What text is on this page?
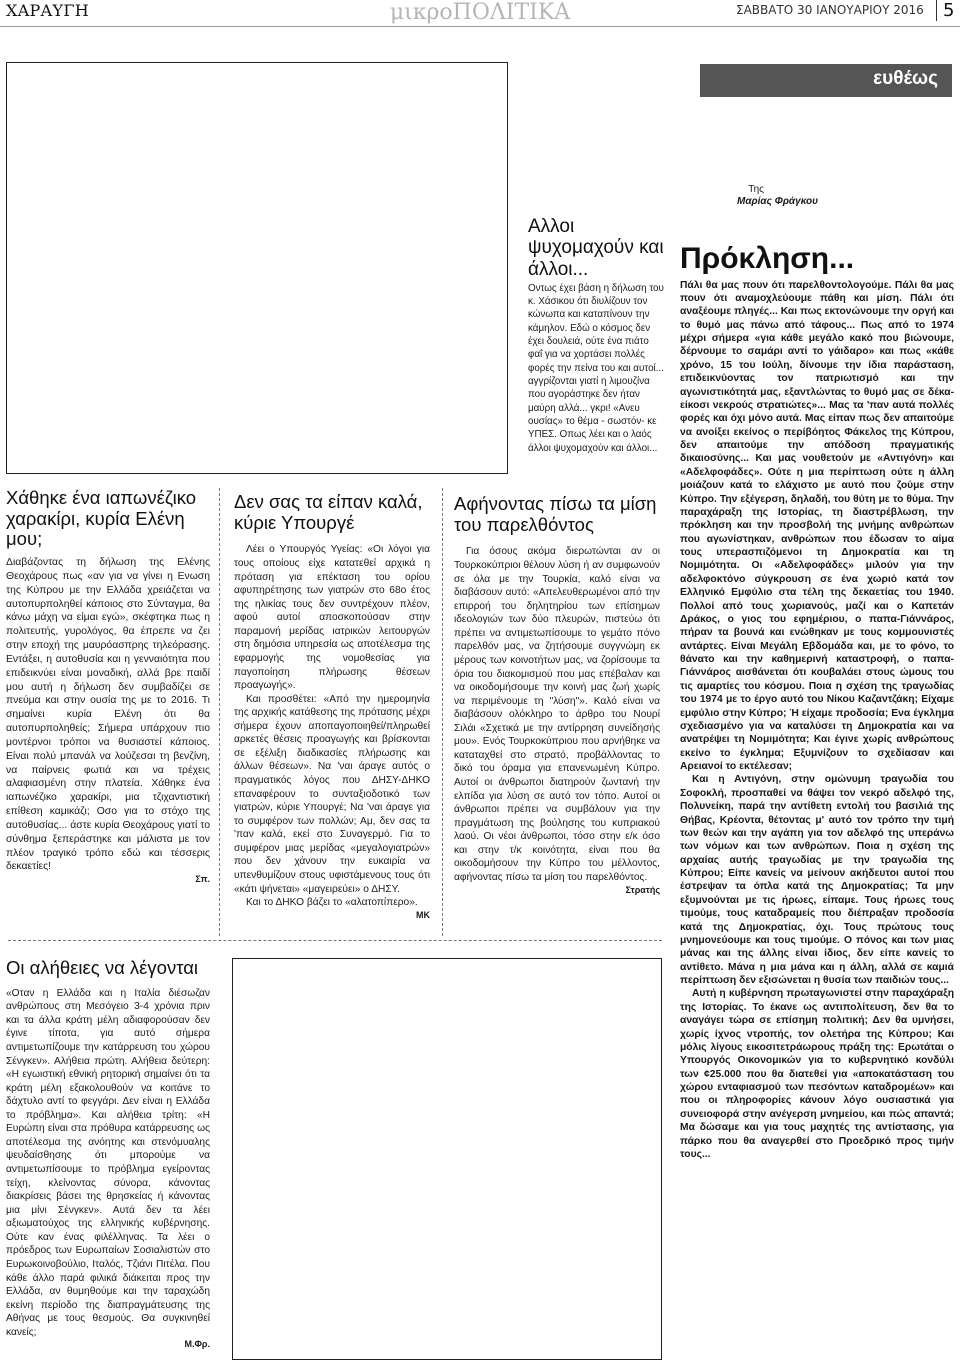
ΧΑΡΑΥΓΗ	μικροΠΟΛΙΤΙΚΑ	ΣΑΒΒΑΤΟ 30 ΙΑΝΟΥΑΡΙΟΥ 2016	5
ευθέως
Της
Μαρίας Φράγκου
Αλλοι ψυχομαχούν και άλλοι...
Οντως έχει βάση η δήλωση του κ. Χάσικου ότι διυλίζουν τον κώνωπα και καταπίνουν την κάμηλον. Εδώ ο κόσμος δεν έχει δουλειά, ούτε ένα πιάτο φαΐ για να χορτάσει πολλές φορές την πείνα του και αυτοί... αγγρίζονται γιατί η λιμουζίνα που αγοράστηκε δεν ήταν μαύρη αλλά... γκρι! «Ανευ ουσίας» το θέμα - σωστόν- κε ΥΠΕΣ. Οπως λέει και ο λαός άλλοι ψυχομαχούν και άλλοι...
Πρόκληση...

Πάλι θα μας πουν ότι παρελθοντολογούμε. Πάλι θα μας πουν ότι αναμοχλεύουμε πάθη και μίση. Πάλι ότι αναξέουμε πληγές... Και πως εκτονώνουμε την οργή και το θυμό μας πάνω από τάφους... Πως από το 1974 μέχρι σήμερα «για κάθε μεγάλο κακό που βιώνουμε, δέρνουμε το σαμάρι αντί το γάιδαρο» και πως «κάθε χρόνο, 15 του Ιούλη, δίνουμε την ίδια παράσταση, επιδεικνύοντας τον πατριωτισμό και την αγωνιστικότητά μας, εξαντλώντας το θυμό μας σε δέκα-είκοσι νεκρούς στρατιώτες»... Μας τα 'παν αυτά πολλές φορές και όχι μόνο αυτά. Μας είπαν πως δεν απαιτούμε να ανοίξει εκείνος ο περίβόητος Φάκελος της Κύπρου, δεν απαιτούμε την απόδοση πραγματικής δικαιοσύνης... Και μας νουθετούν με «Αντιγόνη» και «Αδελφοφάδες». Ούτε η μια περίπτωση ούτε η άλλη μοιάζουν κατά το ελάχιστο με αυτό που ζούμε στην Κύπρο. Την εξέγερση, δηλαδή, του θύτη με το θύμα. Την παραχάραξη της Ιστορίας, τη διαστρέβλωση, την πρόκληση και την προσβολή της μνήμης ανθρώπων που αγωνίστηκαν, ανθρώπων που έδωσαν το αίμα τους υπερασπιζόμενοι τη Δημοκρατία και τη Νομιμότητα. Οι «Αδελφοφάδες» μιλούν για την αδελφοκτόνο σύγκρουση σε ένα χωριό κατά τον Ελληνικό Εμφύλιο στα τέλη της δεκαετίας του 1940. Πολλοί από τους χωριανούς, μαζί και ο Καπετάν Δράκος, ο γιος του εφημέριου, ο παπα-Γιάννάρος, πήραν τα βουνά και ενώθηκαν με τους κομμουνιστές αντάρτες. Είναι Μεγάλη Εβδομάδα και, με το φόνο, το θάνατο και την καθημερινή καταστροφή, ο παπα-Γιάννάρος αισθάνεται ότι κουβαλάει στους ώμους του τις αμαρτίες του κόσμου. Ποια η σχέση της τραγωδίας του 1974 με το έργο αυτό του Νίκου Καζαντζάκη; Είχαμε εμφύλιο στην Κύπρο; Ή είχαμε προδοσία; Ενα έγκλημα σχεδιασμένο για να καταλύσει τη Δημοκρατία και να ανατρέψει τη Νομιμότητα; Και έγινε χωρίς ανθρώπους εκείνο το έγκλημα; Εξυμνίζουν το σχεδίασαν και Αρειανοί το εκτέλεσαν;

Και η Αντιγόνη, στην ομώνυμη τραγωδία του Σοφοκλή, προσπαθεί να θάψει τον νεκρό αδελφό της, Πολυνείκη, παρά την αντίθετη εντολή του βασιλιά της Θήβας, Κρέοντα, θέτοντας μ' αυτό τον τρόπο την τιμή των θεών και την αγάπη για τον αδελφό της υπεράνω των νόμων και των ανθρώπων. Ποια η σχέση της αρχαίας αυτής τραγωδίας με την τραγωδία της Κύπρου; Είπε κανείς να μείνουν ακήδευτοι αυτοί που έστρεψαν τα όπλα κατά της Δημοκρατίας; Τα μην εξυμνούνται με τις ήρωες, είπαμε. Τους ήρωες τους τιμούμε, τους καταδραμείς που διέπραξαν προδοσία κατά της Δημοκρατίας, όχι. Τους πρώτους τους μνημονεύουμε και τους τιμούμε. Ο πόνος και των μιας μάνας και της άλλης είναι ίδιος, δεν είπε κανείς το αντίθετο. Μάνα η μια μάνα και η άλλη, αλλά σε καμιά περίπτωση δεν εξισώνεται η θυσία των παιδιών τους...

Αυτή η κυβέρνηση πρωταγωνιστεί στην παραχάραξη της Ιστορίας. Το έκανε ως αντιπολίτευση, δεν θα το αναγάγει τώρα σε επίσημη πολιτική; Δεν θα υμνήσει, χωρίς ίχνος ντροπής, τον ολετήρα της Κύπρου; Και μόλις λίγους εικοσιτετράωρους πράξη της: Ερωτάται ο Υπουργός Οικονομικών για το κυβερνητικό κονδύλι των ¢25.000 που θα διατεθεί για «αποκατάσταση του χώρου ενταφιασμού των πεσόντων καταδρομέων» και που οι πληροφορίες κάνουν λόγο ουσιαστικά για συνειοφορά στην ανέγερση μνημείου, και πώς απαντά; Μα δώσαμε και για τους μαχητές της αντίστασης, για πάρκο που θα αναγερθεί στο Προεδρικό προς τιμήν τους...

Χάθηκε ένα ιαπωνέζικο χαρακίρι, κυρία Ελένη μου;

Διαβάζοντας τη δήλωση της Ελένης Θεοχάρους πως «αν για να γίνει η Ενωση της Κύπρου με την Ελλάδα χρειάζεται να αυτοπυρποληθεί κάποιος στο Σύνταγμα, θα κάνω μάχη να είμαι εγώ», σκέφτηκα πως η πολιτευτής, γυρολόγος, θα έπρεπε να ζει στην εποχή της μαυρόασπρης τηλεόρασης. Εντάξει, η αυτοθυσία και η γενναιότητα που επιδεικνύει είναι μοναδική, αλλά βρε παιδί μου αυτή η δήλωση δεν συμβαδίζει σε πνεύμα και στην ουσία της με το 2016. Τι σημαίνει κυρία Ελένη ότι θα αυτοπυρποληθείς; Σήμερα υπάρχουν πιο μοντέρνοι τρόποι να θυσιαστεί κάποιος. Είναι πολύ μπανάλ να λούζεσαι τη βενζίνη, να παίρνεις φωτιά και να τρέχεις αλαφιασμένη στην πλατεία. Χάθηκε ένα ιαπωνέζικο χαρακίρι, μια τζιχαντιστική επίθεση καμικάζι; Οσο για το στόχο της αυτοθυσίας... άστε κυρία Θεοχάρους γιατί το σύνθημα ξεπεράστηκε και μάλιστα με τον πλέον τραγικό τρόπο εδώ και τέσσερις δεκαετίες!

Σπ.
Δεν σας τα είπαν καλά, κύριε Υπουργέ

Λέει ο Υπουργός Υγείας: «Οι λόγοι για τους οποίους είχε κατατεθεί αρχικά η πρόταση για επέκταση του ορίου αφυπηρέτησης των γιατρών στο 68ο έτος της ηλικίας τους δεν συντρέχουν πλέον, αφού αυτοί αποσκοπούσαν στην παραμονή μερίδας ιατρικών λειτουργών στη δημόσια υπηρεσία ως αποτέλεσμα της εφαρμογής της νομοθεσίας για παγοποίηση πλήρωσης θέσεων προαγωγής».

Και προσθέτει: «Από την ημερομηνία της αρχικής κατάθεσης της πρότασης μέχρι σήμερα έχουν αποπαγοποιηθεί/πληρωθεί αρκετές θέσεις προαγωγής και βρίσκονται σε εξέλιξη διαδικασίες πλήρωσης και άλλων θέσεων». Να 'ναι άραγε αυτός ο πραγματικός λόγος που ΔΗΣΥ-ΔΗΚΟ επαναφέρουν το συνταξιοδοτικό των γιατρών, κύριε Υπουργέ; Να 'ναι άραγε για το συμφέρον των πολλών; Αμ, δεν σας τα 'παν καλά, εκεί στο Συναγερμό. Για το συμφέρον μιας μερίδας «μεγαλογιατρών» που δεν χάνουν την ευκαιρία να υπενθυμίζουν στους υφιστάμενους τους ότι «κάτι ψήνεται» «μαγειρεύει» ο ΔΗΣΥ.

Και το ΔΗΚΟ βάζει το «αλατοπίπερο».

ΜΚ
Αφήνοντας πίσω τα μίση του παρελθόντος

Για όσους ακόμα διερωτώνται αν οι Τουρκοκύπριοι θέλουν λύση ή αν συμφωνούν σε όλα με την Τουρκία, καλό είναι να διαβάσουν αυτό: «Απελευθερωμένοι από την επιρροή του δηλητηρίου των επίσημων ιδεολογιών των δύο πλευρών, πιστεύω ότι πρέπει να αντιμετωπίσουμε το γεμάτο πόνο παρελθόν μας, να ζητήσουμε συγγνώμη εκ μέρους των κοινοτήτων μας, να ζορίσουμε τα όρια του διακομισμού που μας επέβαλαν και να οικοδομήσουμε την κοινή μας ζωή χωρίς να περιμένουμε τη "λύση"». Καλό είναι να διαβάσουν ολόκληρο το άρθρο του Νουρί Σιλάι «Σχετικά με την αντίρρηση συνείδησής μου». Ενός Τουρκοκύπριου που αρνήθηκε να καταταχθεί στο στρατό, προβάλλοντας το δικό του όραμα για επανενωμένη Κύπρο. Αυτοί οι άνθρωποι διατηρούν ζωντανή την ελπίδα για λύση σε αυτό τον τόπο. Αυτοί οι άνθρωποι πρέπει να συμβάλουν για την πραγμάτωση της βούλησης του κυπριακού λαού. Οι νέοι άνθρωποι, τόσο στην ε/κ όσο και στην τ/κ κοινότητα, είναι που θα οικοδομήσουν την Κύπρο του μέλλοντος, αφήνοντας πίσω τα μίση του παρελθόντος.

Στρατής
Οι αλήθειες να λέγονται

«Οταν η Ελλάδα και η Ιταλία διέσωζαν ανθρώπους στη Μεσόγειο 3-4 χρόνια πριν και τα άλλα κράτη μέλη αδιαφορούσαν δεν έγινε τίποτα, για αυτό σήμερα αντιμετωπίζουμε την κατάρρευση του χώρου Σένγκεν». Αλήθεια πρώτη. Αλήθεια δεύτερη: «Η εγωιστική εθνική ρητορική σημαίνει ότι τα κράτη μέλη εξακολουθούν να κοιτάνε το δάχτυλο αντί το φεγγάρι. Δεν είναι η Ελλάδα το πρόβλημα». Και αλήθεια τρίτη: «Η Ευρώπη είναι στα πρόθυρα κατάρρευσης ως αποτέλεσμα της ανόητης και στενόμυαλης ψευδαίσθησης ότι μπορούμε να αντιμετωπίσουμε το πρόβλημα εγείροντας τείχη, κλείνοντας σύνορα, κάνοντας διακρίσεις βάσει της θρησκείας ή κάνοντας μια μίνι Σένγκεν». Αυτά δεν τα λέει αξιωματούχος της ελληνικής κυβέρνησης. Ούτε καν ένας φιλέλληνας. Τα λέει ο πρόεδρος των Ευρωπαίων Σοσιαλιστών στο Ευρωκοινοβούλιο, Ιταλός, Τζιάνι Πιτέλα. Που κάθε άλλο παρά φιλικά διάκειται προς την Ελλάδα, αν θυμηθούμε και την ταραχώδη εκείνη περίοδο της διαπραγμάτευσης της Αθήνας με τους θεσμούς. Θα συγκινηθεί κανείς;

Μ.Φρ.
